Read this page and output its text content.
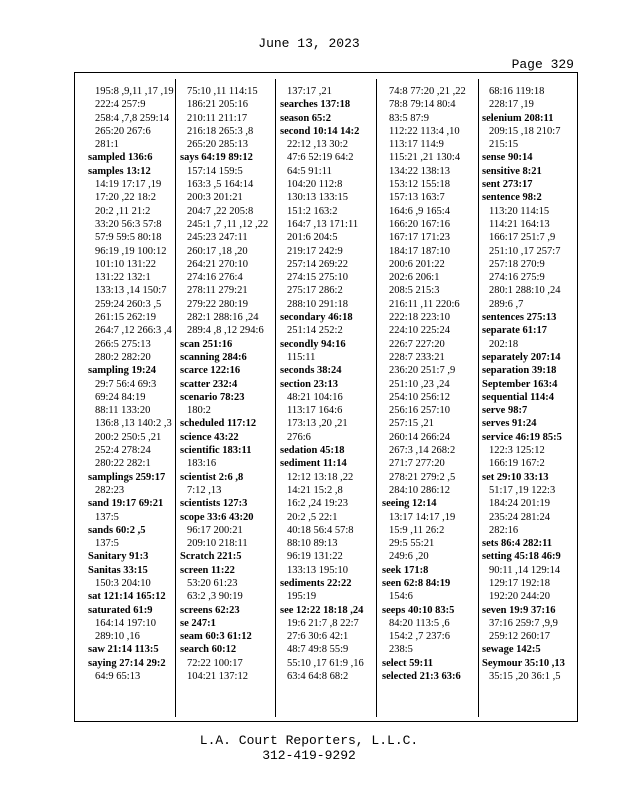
June 13, 2023
Page 329
195:8 ,9,11 ,17 ,19
222:4 257:9
258:4 ,7,8 259:14
265:20 267:6
281:1
sampled 136:6
samples 13:12
14:19 17:17 ,19
17:20 ,22 18:2
20:2 ,11 21:2
33:20 56:3 57:8
57:9 59:5 80:18
96:19 ,19 100:12
101:10 131:22
131:22 132:1
133:13 ,14 150:7
259:24 260:3 ,5
261:15 262:19
264:7 ,12 266:3 ,4
266:5 275:13
280:2 282:20
sampling 19:24
29:7 56:4 69:3
69:24 84:19
88:11 133:20
136:8 ,13 140:2 ,3
200:2 250:5 ,21
252:4 278:24
280:22 282:1
samplings 259:17
282:23
sand 19:17 69:21
137:5
sands 60:2 ,5
137:5
Sanitary 91:3
Sanitas 33:15
150:3 204:10
sat 121:14 165:12
saturated 61:9
164:14 197:10
289:10 ,16
saw 21:14 113:5
saying 27:14 29:2
64:9 65:13
75:10 ,11 114:15
186:21 205:16
210:11 211:17
216:18 265:3 ,8
265:20 285:13
says 64:19 89:12
157:14 159:5
163:3 ,5 164:14
200:3 201:21
204:7 ,22 205:8
245:1 ,7 ,11 ,12 ,22
245:23 247:11
260:17 ,18 ,20
264:21 270:10
274:16 276:4
278:11 279:21
279:22 280:19
282:1 288:16 ,24
289:4 ,8 ,12 294:6
scan 251:16
scanning 284:6
scarce 122:16
scatter 232:4
scenario 78:23
180:2
scheduled 117:12
science 43:22
scientific 183:11
183:16
scientist 2:6 ,8
7:12 ,13
scientists 127:3
scope 33:6 43:20
96:17 200:21
209:10 218:11
Scratch 221:5
screen 11:22
53:20 61:23
63:2 ,3 90:19
screens 62:23
se 247:1
seam 60:3 61:12
search 60:12
72:22 100:17
104:21 137:12
137:17 ,21
searches 137:18
season 65:2
second 10:14 14:2
22:12 ,13 30:2
47:6 52:19 64:2
64:5 91:11
104:20 112:8
130:13 133:15
151:2 163:2
164:7 ,13 171:11
201:6 204:5
219:17 242:9
257:14 269:22
274:15 275:10
275:17 286:2
288:10 291:18
secondary 46:18
251:14 252:2
secondly 94:16
115:11
seconds 38:24
section 23:13
48:21 104:16
113:17 164:6
173:13 ,20 ,21
276:6
sedation 45:18
sediment 11:14
12:12 13:18 ,22
14:21 15:2 ,8
16:2 ,24 19:23
20:2 ,5 22:1
40:18 56:4 57:8
88:10 89:13
96:19 131:22
133:13 195:10
sediments 22:22
195:19
see 12:22 18:18 ,24
19:6 21:7 ,8 22:7
27:6 30:6 42:1
48:7 49:8 55:9
55:10 ,17 61:9 ,16
63:4 64:8 68:2
74:8 77:20 ,21 ,22
78:8 79:14 80:4
83:5 87:9
112:22 113:4 ,10
113:17 114:9
115:21 ,21 130:4
134:22 138:13
153:12 155:18
157:13 163:7
164:6 ,9 165:4
166:20 167:16
167:17 171:23
184:17 187:10
200:6 201:22
202:6 206:1
208:5 215:3
216:11 ,11 220:6
222:18 223:10
224:10 225:24
226:7 227:20
228:7 233:21
236:20 251:7 ,9
251:10 ,23 ,24
254:10 256:12
256:16 257:10
257:15 ,21
260:14 266:24
267:3 ,14 268:2
271:7 277:20
278:21 279:2 ,5
284:10 286:12
seeing 12:14
13:17 14:17 ,19
15:9 ,11 26:2
29:5 55:21
249:6 ,20
seek 171:8
seen 62:8 84:19
154:6
seeps 40:10 83:5
84:20 113:5 ,6
154:2 ,7 237:6
238:5
select 59:11
selected 21:3 63:6
68:16 119:18
228:17 ,19
selenium 208:11
209:15 ,18 210:7
215:15
sense 90:14
sensitive 8:21
sent 273:17
sentence 98:2
113:20 114:15
114:21 164:13
166:17 251:7 ,9
251:10 ,17 257:7
257:18 270:9
274:16 275:9
280:1 288:10 ,24
289:6 ,7
sentences 275:13
separate 61:17
202:18
separately 207:14
separation 39:18
September 163:4
sequential 114:4
serve 98:7
serves 91:24
service 46:19 85:5
122:3 125:12
166:19 167:2
set 29:10 33:13
51:17 ,19 122:3
184:24 201:19
235:24 281:24
282:16
sets 86:4 282:11
setting 45:18 46:9
90:11 ,14 129:14
129:17 192:18
192:20 244:20
seven 19:9 37:16
37:16 259:7 ,9,9
259:12 260:17
sewage 142:5
Seymour 35:10 ,13
35:15 ,20 36:1 ,5
L.A. Court Reporters, L.L.C.
312-419-9292
